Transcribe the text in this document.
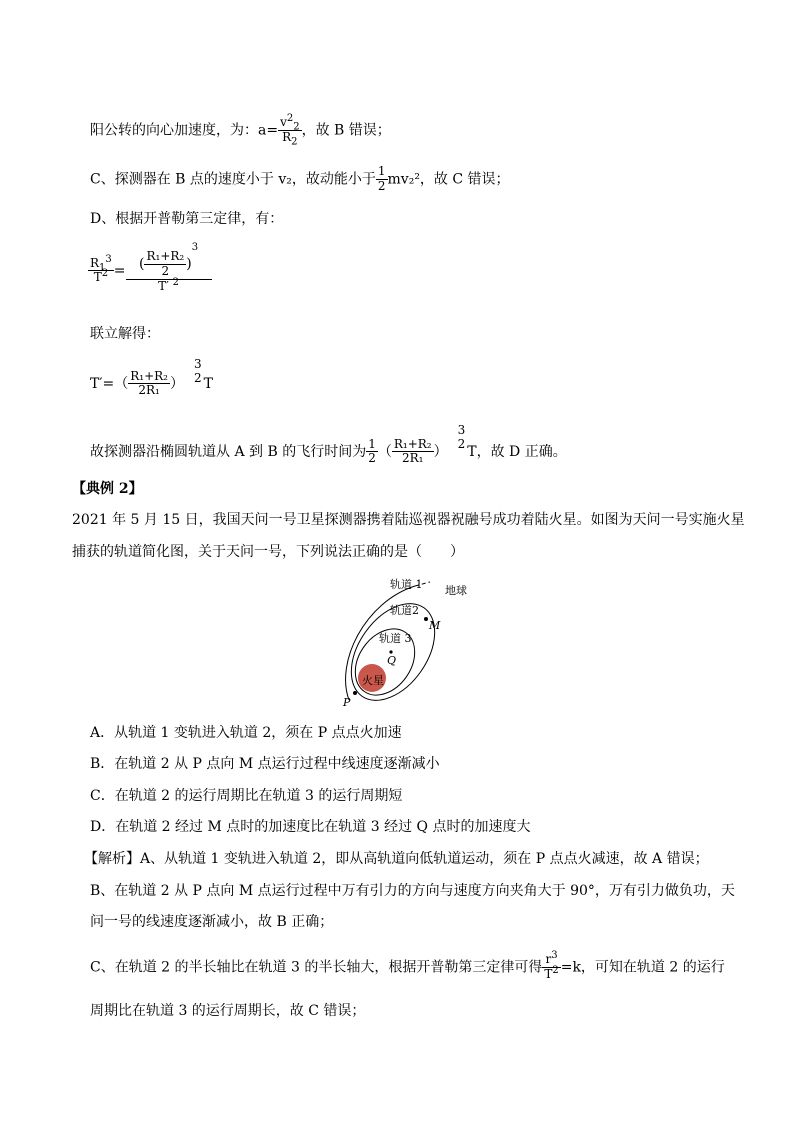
阳公转的向心加速度，为：$a= \frac{v^2_2}{R_2}$ ，故 B 错误；
C、探测器在 B 点的速度小于 v₂，故动能小于 $\frac{1}{2} mv_2^2$，故 C 错误；
D、根据开普勒第三定律，有：
$\frac{R_1^3}{T^2} = \frac{( \frac{\text{R₁+R₂}}{2} )^3}{T' ^2}$
联立解得：
$T'=( \frac{\text{R₁+R₂}}{\text{2R₁}}$ ）
3
2 T
故探测器沿椭圆轨道从 A 到 B 的飞行时间为 $\frac{1}{2}$ （ $\frac{\text{R₁+R₂}}{\text{2R₁}}$ ）
3
2 T，故 D 正确。
【典例 2】
2021 年 5 月 15 日，我国天问一号卫星探测器携着陆巡视器祝融号成功着陆火星。如图为天问一号实施火星
捕获的轨道简化图，关于天问一号，下列说法正确的是（　　）
轨道 1 地球
轨道2
M
轨道 3
Q
火星
P
A．从轨道 1 变轨进入轨道 2，须在 P 点点火加速
B．在轨道 2 从 P 点向 M 点运行过程中线速度逐渐减小
C．在轨道 2 的运行周期比在轨道 3 的运行周期短
D．在轨道 2 经过 M 点时的加速度比在轨道 3 经过 Q 点时的加速度大
【解析】A、从轨道 1 变轨进入轨道 2，即从高轨道向低轨道运动，须在 P 点点火减速，故 A 错误；
B、在轨道 2 从 P 点向 M 点运行过程中万有引力的方向与速度方向夹角大于 90°，万有引力做负功，天
问一号的线速度逐渐减小，故 B 正确；
C、在轨道 2 的半长轴比在轨道 3 的半长轴大，根据开普勒第三定律可得 $\frac{r^3}{T^2} =k$，可知在轨道 2 的运行
周期比在轨道 3 的运行周期长，故 C 错误；
